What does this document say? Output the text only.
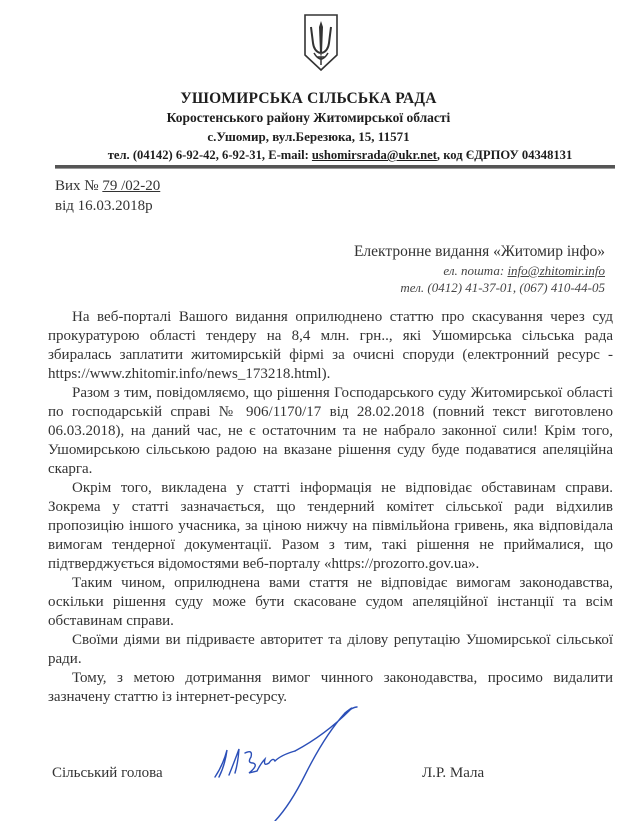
УШОМИРСЬКА СІЛЬСЬКА РАДА
Коростенського району Житомирської області
с.Ушомир, вул.Березюка, 15, 11571
тел. (04142) 6-92-42, 6-92-31, E-mail: ushomirsrada@ukr.net, код ЄДРПОУ 04348131
Вих № 79 /02-20
від 16.03.2018р
Електронне видання «Житомир інфо»
ел. пошта: info@zhitomir.info
тел. (0412) 41-37-01, (067) 410-44-05

На веб-порталі Вашого видання оприлюднено статтю про скасування через суд прокуратурою області тендеру на 8,4 млн. грн.., які Ушомирська сільська рада збиралась заплатити житомирській фірмі за очисні споруди (електронний ресурс - https://www.zhitomir.info/news_173218.html).

Разом з тим, повідомляємо, що рішення Господарського суду Житомирської області по господарській справі № 906/1170/17 від 28.02.2018 (повний текст виготовлено 06.03.2018), на даний час, не є остаточним та не набрало законної сили! Крім того, Ушомирською сільською радою на вказане рішення суду буде подаватися апеляційна скарга.

Окрім того, викладена у статті інформація не відповідає обставинам справи. Зокрема у статті зазначається, що тендерний комітет сільської ради відхилив пропозицію іншого учасника, за ціною нижчу на півмільйона гривень, яка відповідала вимогам тендерної документації. Разом з тим, такі рішення не приймалися, що підтверджується відомостями веб-порталу «https://prozorro.gov.ua».

Таким чином, оприлюднена вами стаття не відповідає вимогам законодавства, оскільки рішення суду може бути скасоване судом апеляційної інстанції та всім обставинам справи.

Своїми діями ви підриваєте авторитет та ділову репутацію Ушомирської сільської ради.

Тому, з метою дотримання вимог чинного законодавства, просимо видалити зазначену статтю із інтернет-ресурсу.

Сільський голова	Л.Р. Мала
